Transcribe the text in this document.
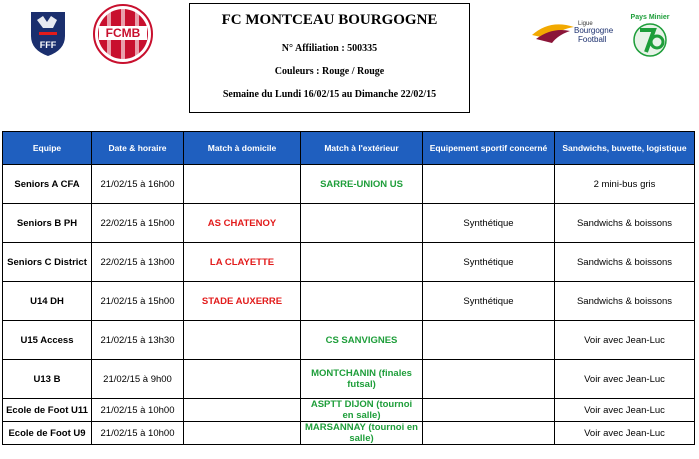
FFF
FCMB
Ligue
Bourgogne
Football
Pays Minier
FC MONTCEAU BOURGOGNE
N° Affiliation : 500335
Couleurs : Rouge / Rouge
Semaine du Lundi 16/02/15 au Dimanche 22/02/15
Equipe	Date & horaire	Match à domicile	Match à l'extérieur	Equipement sportif concerné	Sandwichs, buvette, logistique
Seniors A CFA	21/02/15 à 16h00		SARRE-UNION US		2 mini-bus gris
Seniors B PH	22/02/15 à 15h00	AS CHATENOY		Synthétique	Sandwichs & boissons
Seniors C District	22/02/15 à 13h00	LA CLAYETTE		Synthétique	Sandwichs & boissons
U14 DH	21/02/15 à 15h00	STADE AUXERRE		Synthétique	Sandwichs & boissons
U15 Access	21/02/15 à 13h30		CS SANVIGNES		Voir avec Jean-Luc
U13 B	21/02/15 à 9h00		MONTCHANIN (finales futsal)		Voir avec Jean-Luc
Ecole de Foot U11	21/02/15 à 10h00		ASPTT DIJON (tournoi en salle)		Voir avec Jean-Luc
Ecole de Foot U9	21/02/15 à 10h00		MARSANNAY (tournoi en salle)		Voir avec Jean-Luc
